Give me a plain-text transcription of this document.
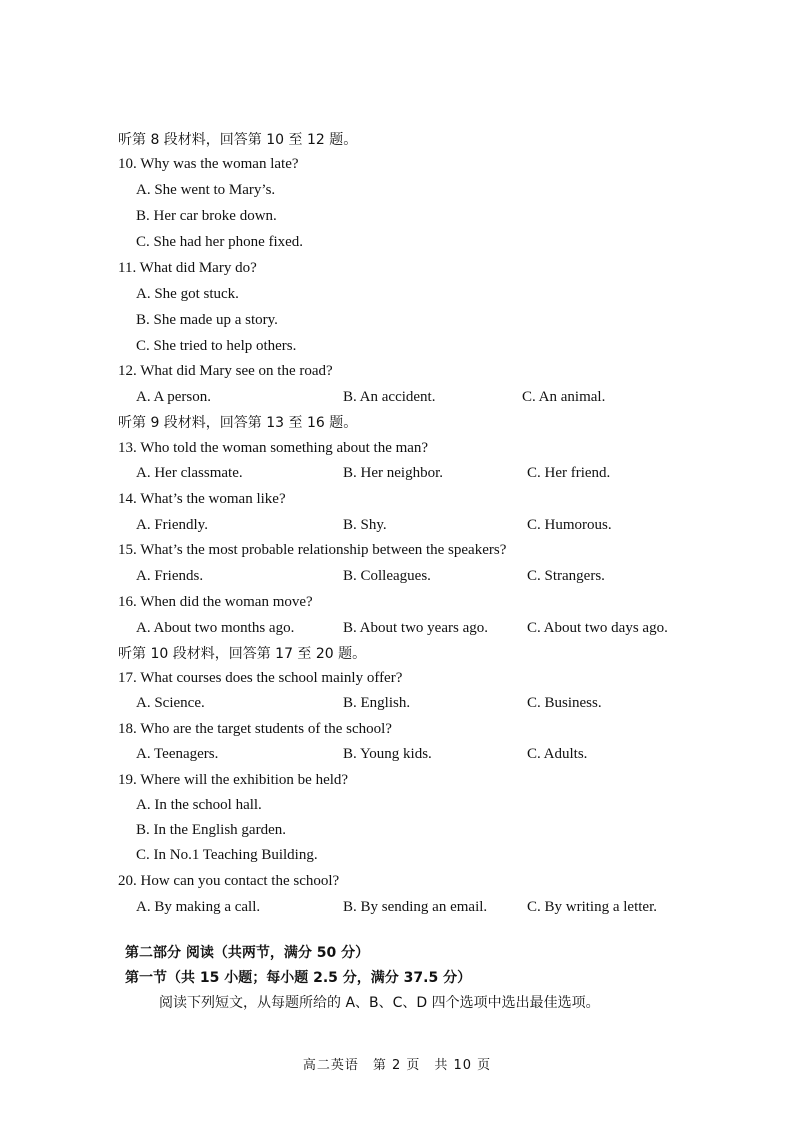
听第 8 段材料，回答第 10 至 12 题。
10. Why was the woman late?
A. She went to Mary’s.
B. Her car broke down.
C. She had her phone fixed.
11. What did Mary do?
A. She got stuck.
B. She made up a story.
C. She tried to help others.
12. What did Mary see on the road?
A. A person.	B. An accident.	C. An animal.
听第 9 段材料，回答第 13 至 16 题。
13. Who told the woman something about the man?
A. Her classmate.	B. Her neighbor.	C. Her friend.
14. What’s the woman like?
A. Friendly.	B. Shy.	C. Humorous.
15. What’s the most probable relationship between the speakers?
A. Friends.	B. Colleagues.	C. Strangers.
16. When did the woman move?
A. About two months ago.	B. About two years ago.	C. About two days ago.
听第 10 段材料，回答第 17 至 20 题。
17. What courses does the school mainly offer?
A. Science.	B. English.	C. Business.
18. Who are the target students of the school?
A. Teenagers.	B. Young kids.	C. Adults.
19. Where will the exhibition be held?
A. In the school hall.
B. In the English garden.
C. In No.1 Teaching Building.
20. How can you contact the school?
A. By making a call.	B. By sending an email.	C. By writing a letter.
第二部分 阅读（共两节，满分 50 分）
第一节（共 15 小题；每小题 2.5 分，满分 37.5 分）
阅读下列短文，从每题所给的 A、B、C、D 四个选项中选出最佳选项。
高二英语　第 2 页　共 10 页
